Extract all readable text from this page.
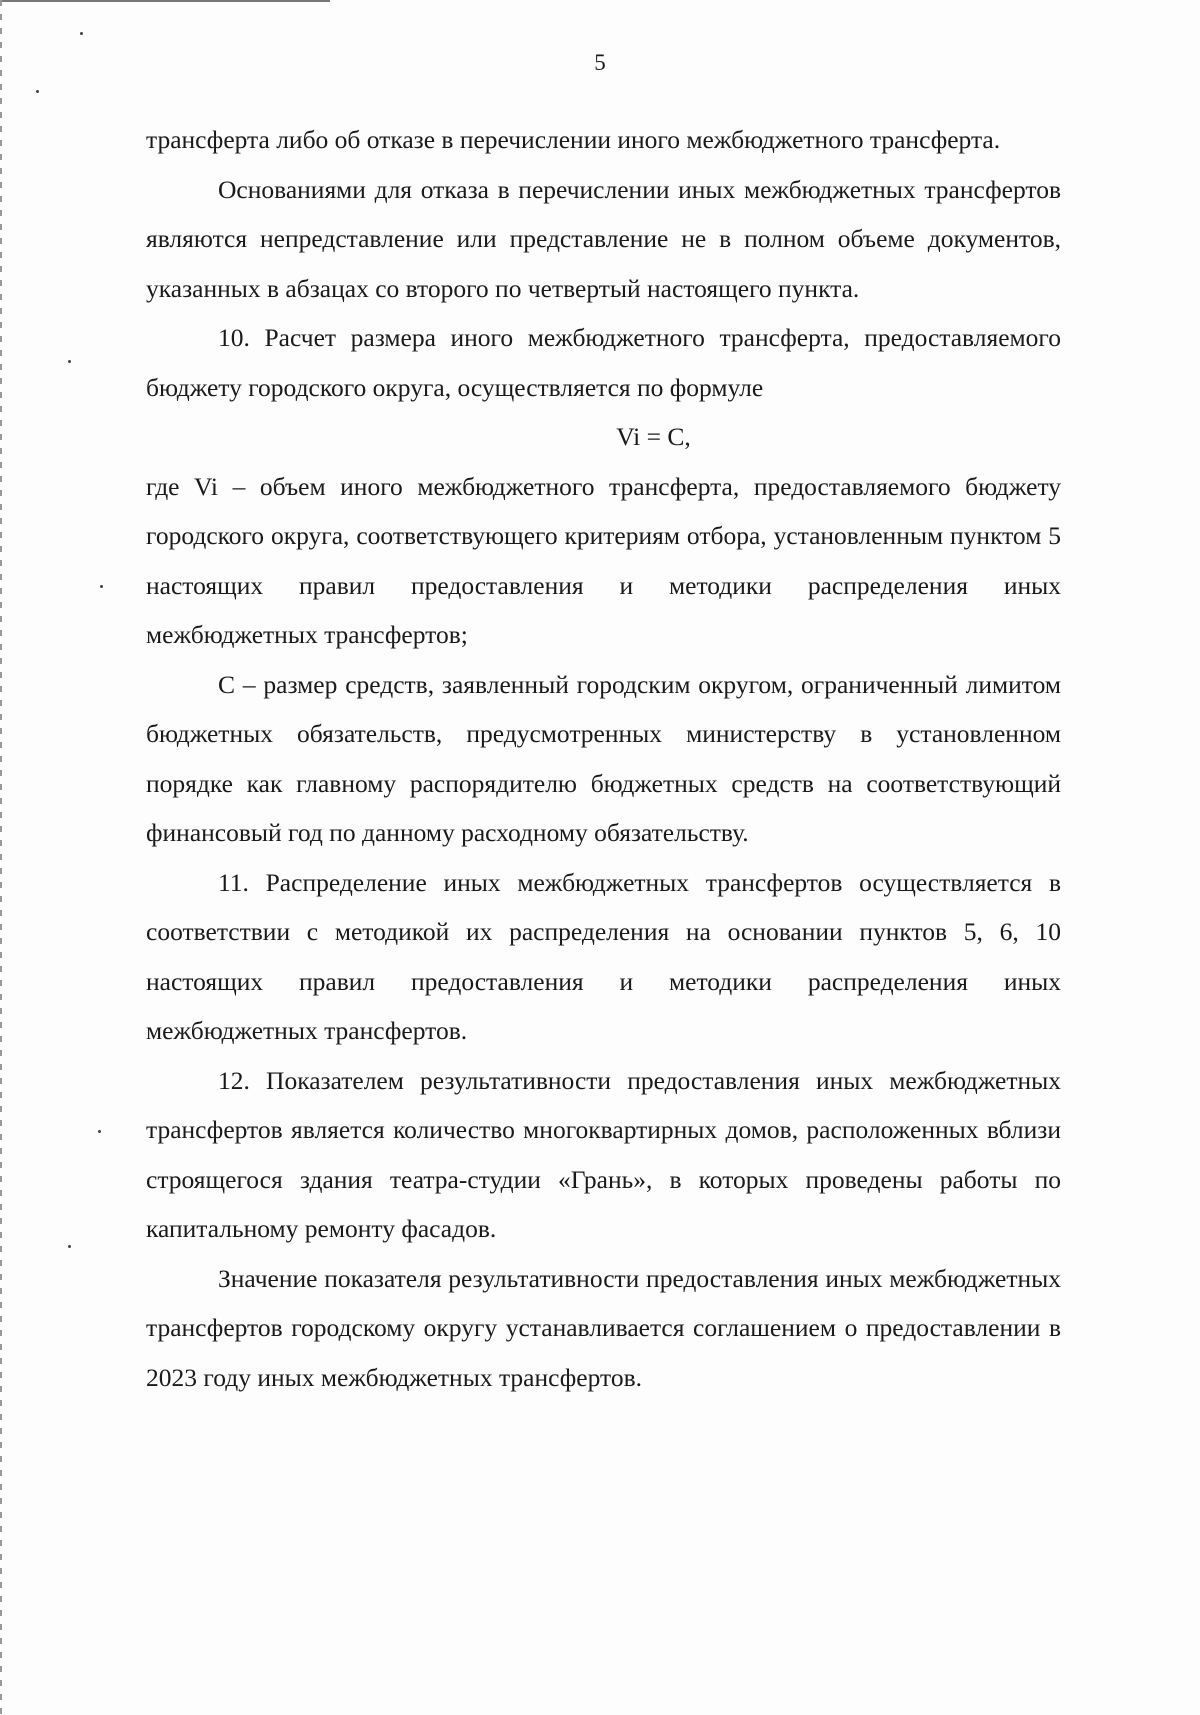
5

трансферта либо об отказе в перечислении иного межбюджетного трансферта.

Основаниями для отказа в перечислении иных межбюджетных трансфертов являются непредставление или представление не в полном объеме документов, указанных в абзацах со второго по четвертый настоящего пункта.

10. Расчет размера иного межбюджетного трансферта, предоставляемого бюджету городского округа, осуществляется по формуле

Vi = C,

где Vi – объем иного межбюджетного трансферта, предоставляемого бюджету городского округа, соответствующего критериям отбора, установленным пунктом 5 настоящих правил предоставления и методики распределения иных межбюджетных трансфертов;

С – размер средств, заявленный городским округом, ограниченный лимитом бюджетных обязательств, предусмотренных министерству в установленном порядке как главному распорядителю бюджетных средств на соответствующий финансовый год по данному расходному обязательству.

11. Распределение иных межбюджетных трансфертов осуществляется в соответствии с методикой их распределения на основании пунктов 5, 6, 10 настоящих правил предоставления и методики распределения иных межбюджетных трансфертов.

12. Показателем результативности предоставления иных межбюджетных трансфертов является количество многоквартирных домов, расположенных вблизи строящегося здания театра-студии «Грань», в которых проведены работы по капитальному ремонту фасадов.

Значение показателя результативности предоставления иных межбюджетных трансфертов городскому округу устанавливается соглашением о предоставлении в 2023 году иных межбюджетных трансфертов.
